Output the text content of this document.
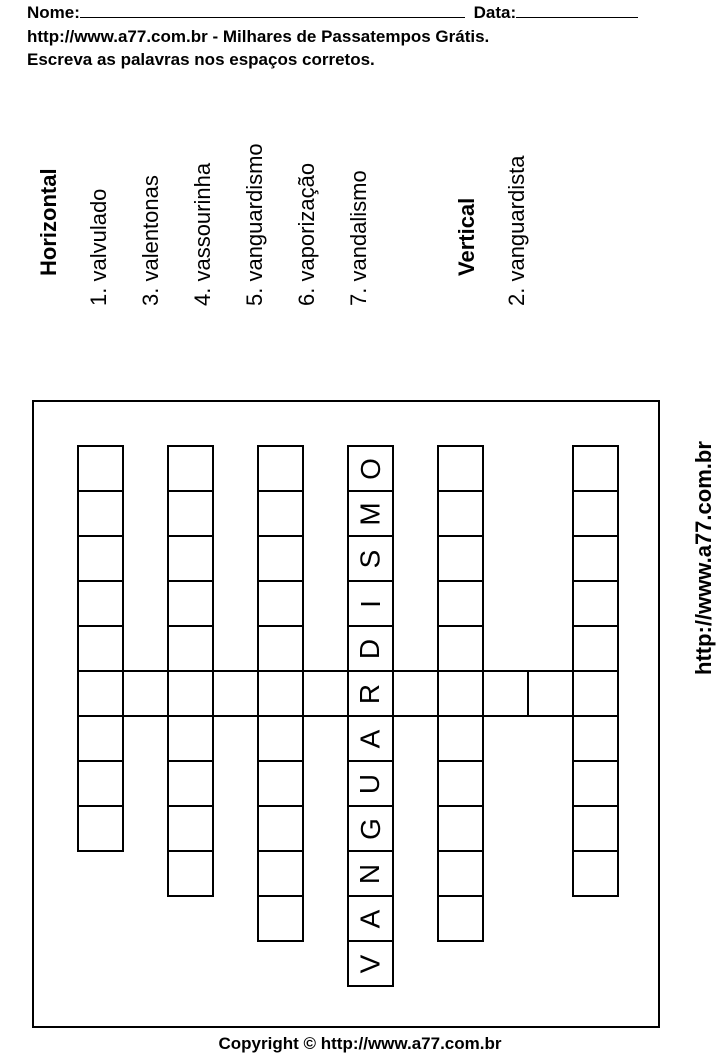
Nome:	Data:
http://www.a77.com.br - Milhares de Passatempos Grátis.
Escreva as palavras nos espaços corretos.
Horizontal 1. valvulado 3. valentonas 4. vassourinha 5. vanguardismo 6. vaporização 7. vandalismo	Vertical 2. vanguardista
http://www.a77.com.br
O
M
S
I
D
R
A
U
G
N
A
V
Copyright © http://www.a77.com.br
